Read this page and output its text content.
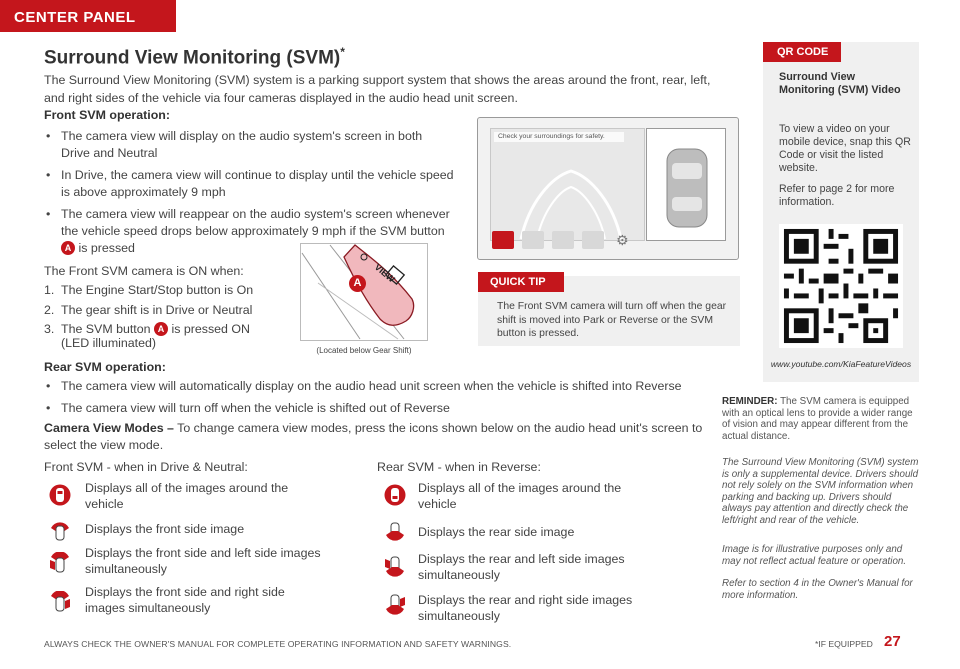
CENTER PANEL
Surround View Monitoring (SVM)*
The Surround View Monitoring (SVM) system is a parking support system that shows the areas around the front, rear, left, and right sides of the vehicle via four cameras displayed in the audio head unit screen.
Front SVM operation:
• The camera view will display on the audio system's screen in both Drive and Neutral
• In Drive, the camera view will continue to display until the vehicle speed is above approximately 9 mph
• The camera view will reappear on the audio system's screen whenever the vehicle speed drops below approximately 9 mph if the SVM button
A is pressed
The Front SVM camera is ON when:
1. The Engine Start/Stop button is On
2. The gear shift is in Drive or Neutral
3. The SVM button A is pressed ON
(LED illuminated)
VIEW
A
(Located below Gear Shift)
Check your surroundings for safety.
⚙
QUICK TIP
The Front SVM camera will turn off when the gear shift is moved into Park or Reverse or the SVM button is pressed.
QR CODE
Surround View Monitoring (SVM) Video
To view a video on your mobile device, snap this QR Code or visit the listed website.
Refer to page 2 for more information.
www.youtube.com/KiaFeatureVideos
Rear SVM operation:
• The camera view will automatically display on the audio head unit screen when the vehicle is shifted into Reverse
• The camera view will turn off when the vehicle is shifted out of Reverse
Camera View Modes – To change camera view modes, press the icons shown below on the audio head unit's screen to select the view mode.
Front SVM - when in Drive & Neutral:
Displays all of the images around the vehicle
Displays the front side image
Displays the front side and left side images simultaneously
Displays the front side and right side images simultaneously
Rear SVM - when in Reverse:
Displays all of the images around the vehicle
Displays the rear side image
Displays the rear and left side images simultaneously
Displays the rear and right side images simultaneously
REMINDER: The SVM camera is equipped with an optical lens to provide a wider range of vision and may appear different from the actual distance.
The Surround View Monitoring (SVM) system is only a supplemental device. Drivers should not rely solely on the SVM information when parking and backing up. Drivers should always pay attention and directly check the left/right and rear of the vehicle.
Image is for illustrative purposes only and may not reflect actual feature or operation.
Refer to section 4 in the Owner's Manual for more information.
ALWAYS CHECK THE OWNER'S MANUAL FOR COMPLETE OPERATING INFORMATION AND SAFETY WARNINGS.	*IF EQUIPPED 27
